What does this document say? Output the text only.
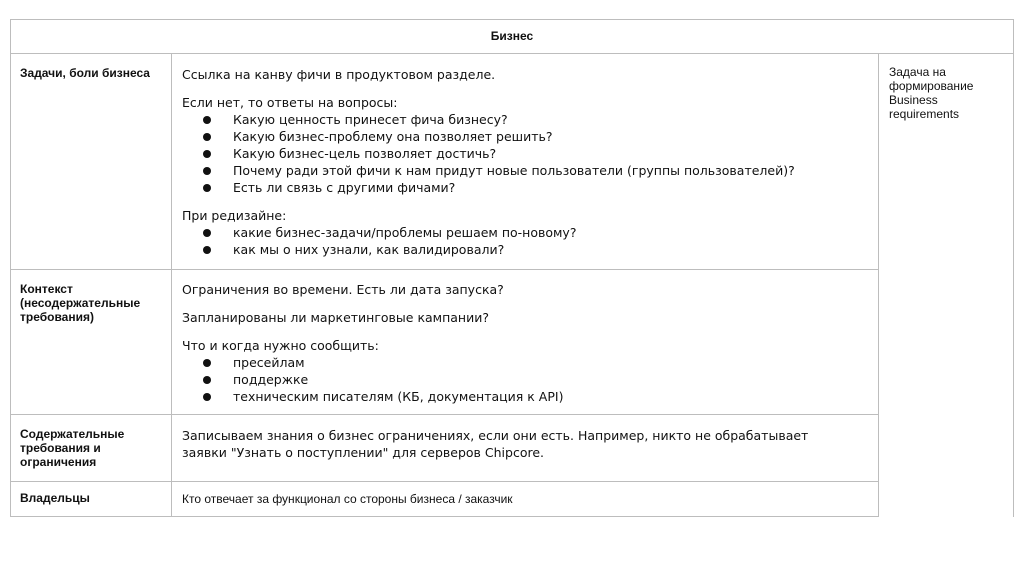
Бизнес
Задача на формирование Business requirements
Задачи, боли бизнеса	Ссылка на канву фичи в продуктовом разделе.

Если нет, то ответы на вопросы:

Какую ценность принесет фича бизнесу?
Какую бизнес-проблему она позволяет решить?
Какую бизнес-цель позволяет достичь?
Почему ради этой фичи к нам придут новые пользователи (группы пользователей)?
Есть ли связь с другими фичами?

При редизайне:

какие бизнес-задачи/проблемы решаем по-новому?
как мы о них узнали, как валидировали?
Контекст (несодержательные требования)

Ограничения во времени. Есть ли дата запуска?

Запланированы ли маркетинговые кампании?

Что и когда нужно сообщить:

пресейлам
поддержке
техническим писателям (КБ, документация к API)
Содержательные требования и ограничения

Записываем знания о бизнес ограничениях, если они есть. Например, никто не обрабатывает заявки "Узнать о поступлении" для серверов Chipcore.

Владельцы	Кто отвечает за функционал со стороны бизнеса / заказчик
